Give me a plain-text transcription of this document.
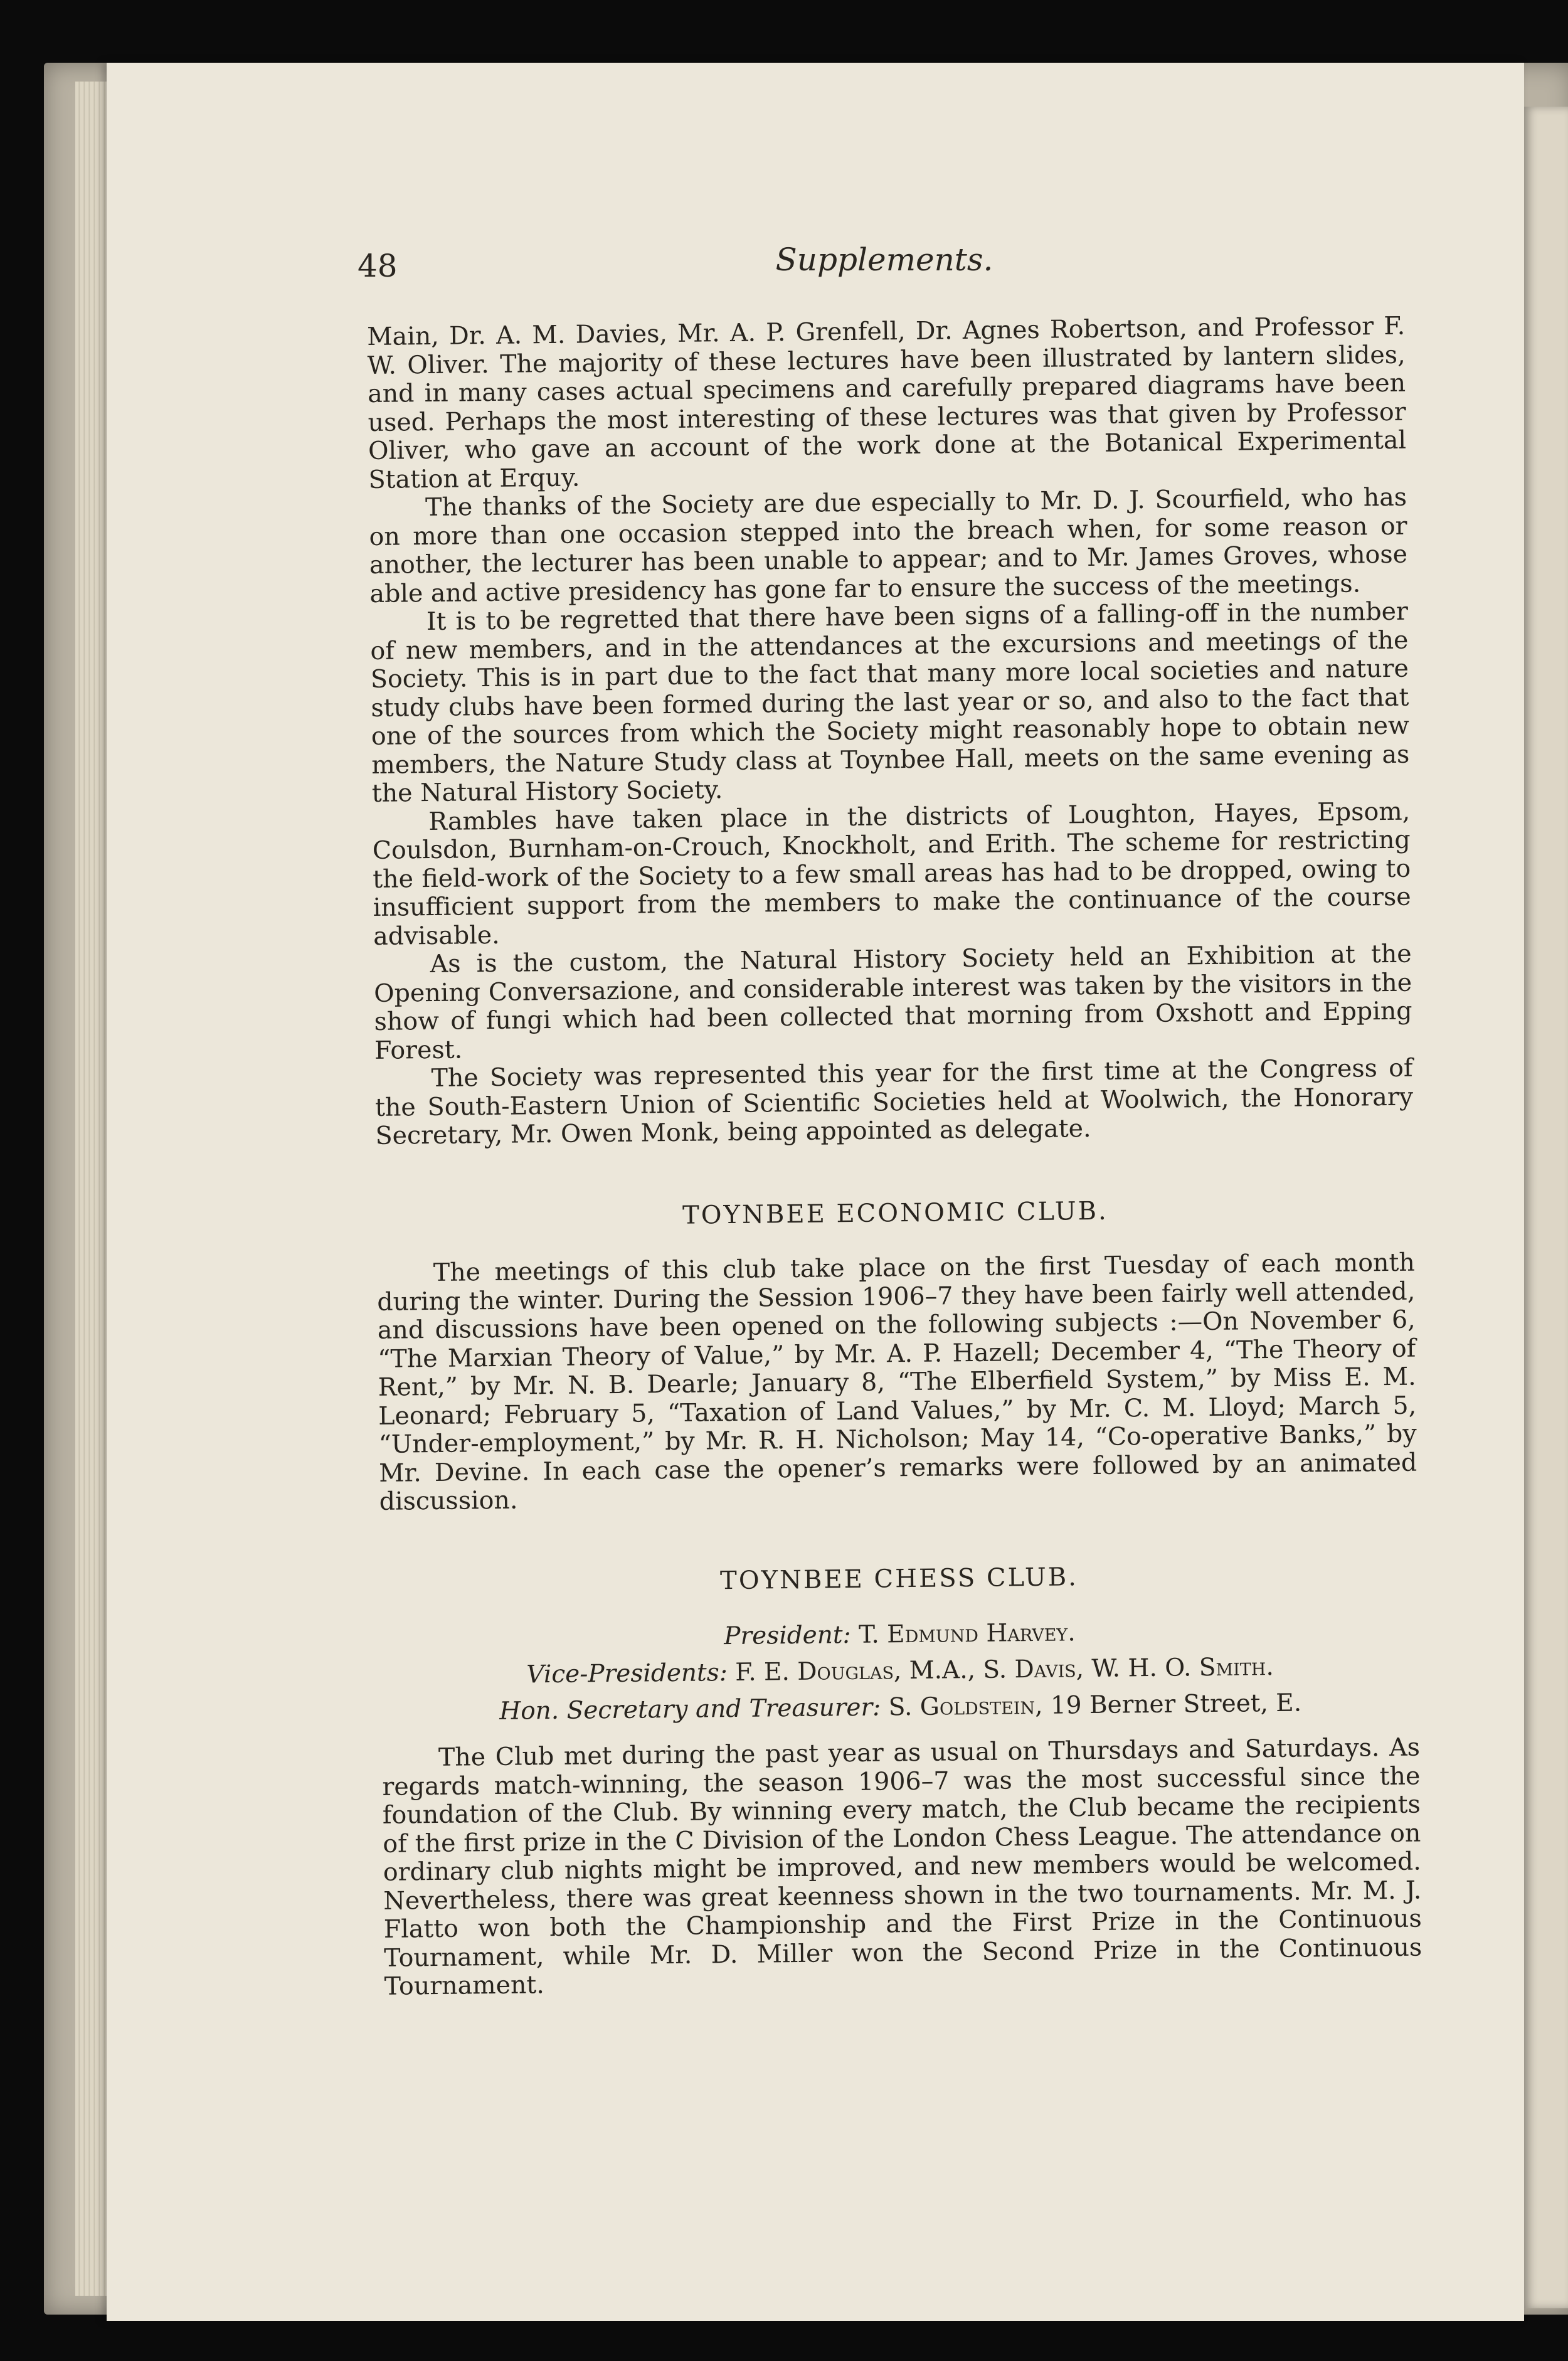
48	Supplements.

Main, Dr. A. M. Davies, Mr. A. P. Grenfell, Dr. Agnes Robertson, and Professor F. W. Oliver. The majority of these lectures have been illustrated by lantern slides, and in many cases actual specimens and carefully prepared diagrams have been used. Perhaps the most interesting of these lectures was that given by Professor Oliver, who gave an account of the work done at the Botanical Experimental Station at Erquy.

The thanks of the Society are due especially to Mr. D. J. Scourfield, who has on more than one occasion stepped into the breach when, for some reason or another, the lecturer has been unable to appear; and to Mr. James Groves, whose able and active presidency has gone far to ensure the success of the meetings.

It is to be regretted that there have been signs of a falling-off in the number of new members, and in the attendances at the excursions and meetings of the Society. This is in part due to the fact that many more local societies and nature study clubs have been formed during the last year or so, and also to the fact that one of the sources from which the Society might reasonably hope to obtain new members, the Nature Study class at Toynbee Hall, meets on the same evening as the Natural History Society.

Rambles have taken place in the districts of Loughton, Hayes, Epsom, Coulsdon, Burnham-on-Crouch, Knockholt, and Erith. The scheme for restricting the field-work of the Society to a few small areas has had to be dropped, owing to insufficient support from the members to make the continuance of the course advisable.

As is the custom, the Natural History Society held an Exhibition at the Opening Conversazione, and considerable interest was taken by the visitors in the show of fungi which had been collected that morning from Oxshott and Epping Forest.

The Society was represented this year for the first time at the Congress of the South-Eastern Union of Scientific Societies held at Woolwich, the Honorary Secretary, Mr. Owen Monk, being appointed as delegate.

TOYNBEE ECONOMIC CLUB.

The meetings of this club take place on the first Tuesday of each month during the winter. During the Session 1906–7 they have been fairly well attended, and discussions have been opened on the following subjects :—On November 6, “The Marxian Theory of Value,” by Mr. A. P. Hazell; December 4, “The Theory of Rent,” by Mr. N. B. Dearle; January 8, “The Elberfield System,” by Miss E. M. Leonard; February 5, “Taxation of Land Values,” by Mr. C. M. Lloyd; March 5, “Under-employment,” by Mr. R. H. Nicholson; May 14, “Co-operative Banks,” by Mr. Devine. In each case the opener’s remarks were followed by an animated discussion.

TOYNBEE CHESS CLUB.
President: T. Edmund Harvey.
Vice-Presidents: F. E. Douglas, M.A., S. Davis, W. H. O. Smith.
Hon. Secretary and Treasurer: S. Goldstein, 19 Berner Street, E.

The Club met during the past year as usual on Thursdays and Saturdays. As regards match-winning, the season 1906–7 was the most successful since the foundation of the Club. By winning every match, the Club became the recipients of the first prize in the C Division of the London Chess League. The attendance on ordinary club nights might be improved, and new members would be welcomed. Nevertheless, there was great keenness shown in the two tournaments. Mr. M. J. Flatto won both the Championship and the First Prize in the Continuous Tournament, while Mr. D. Miller won the Second Prize in the Continuous Tournament.
